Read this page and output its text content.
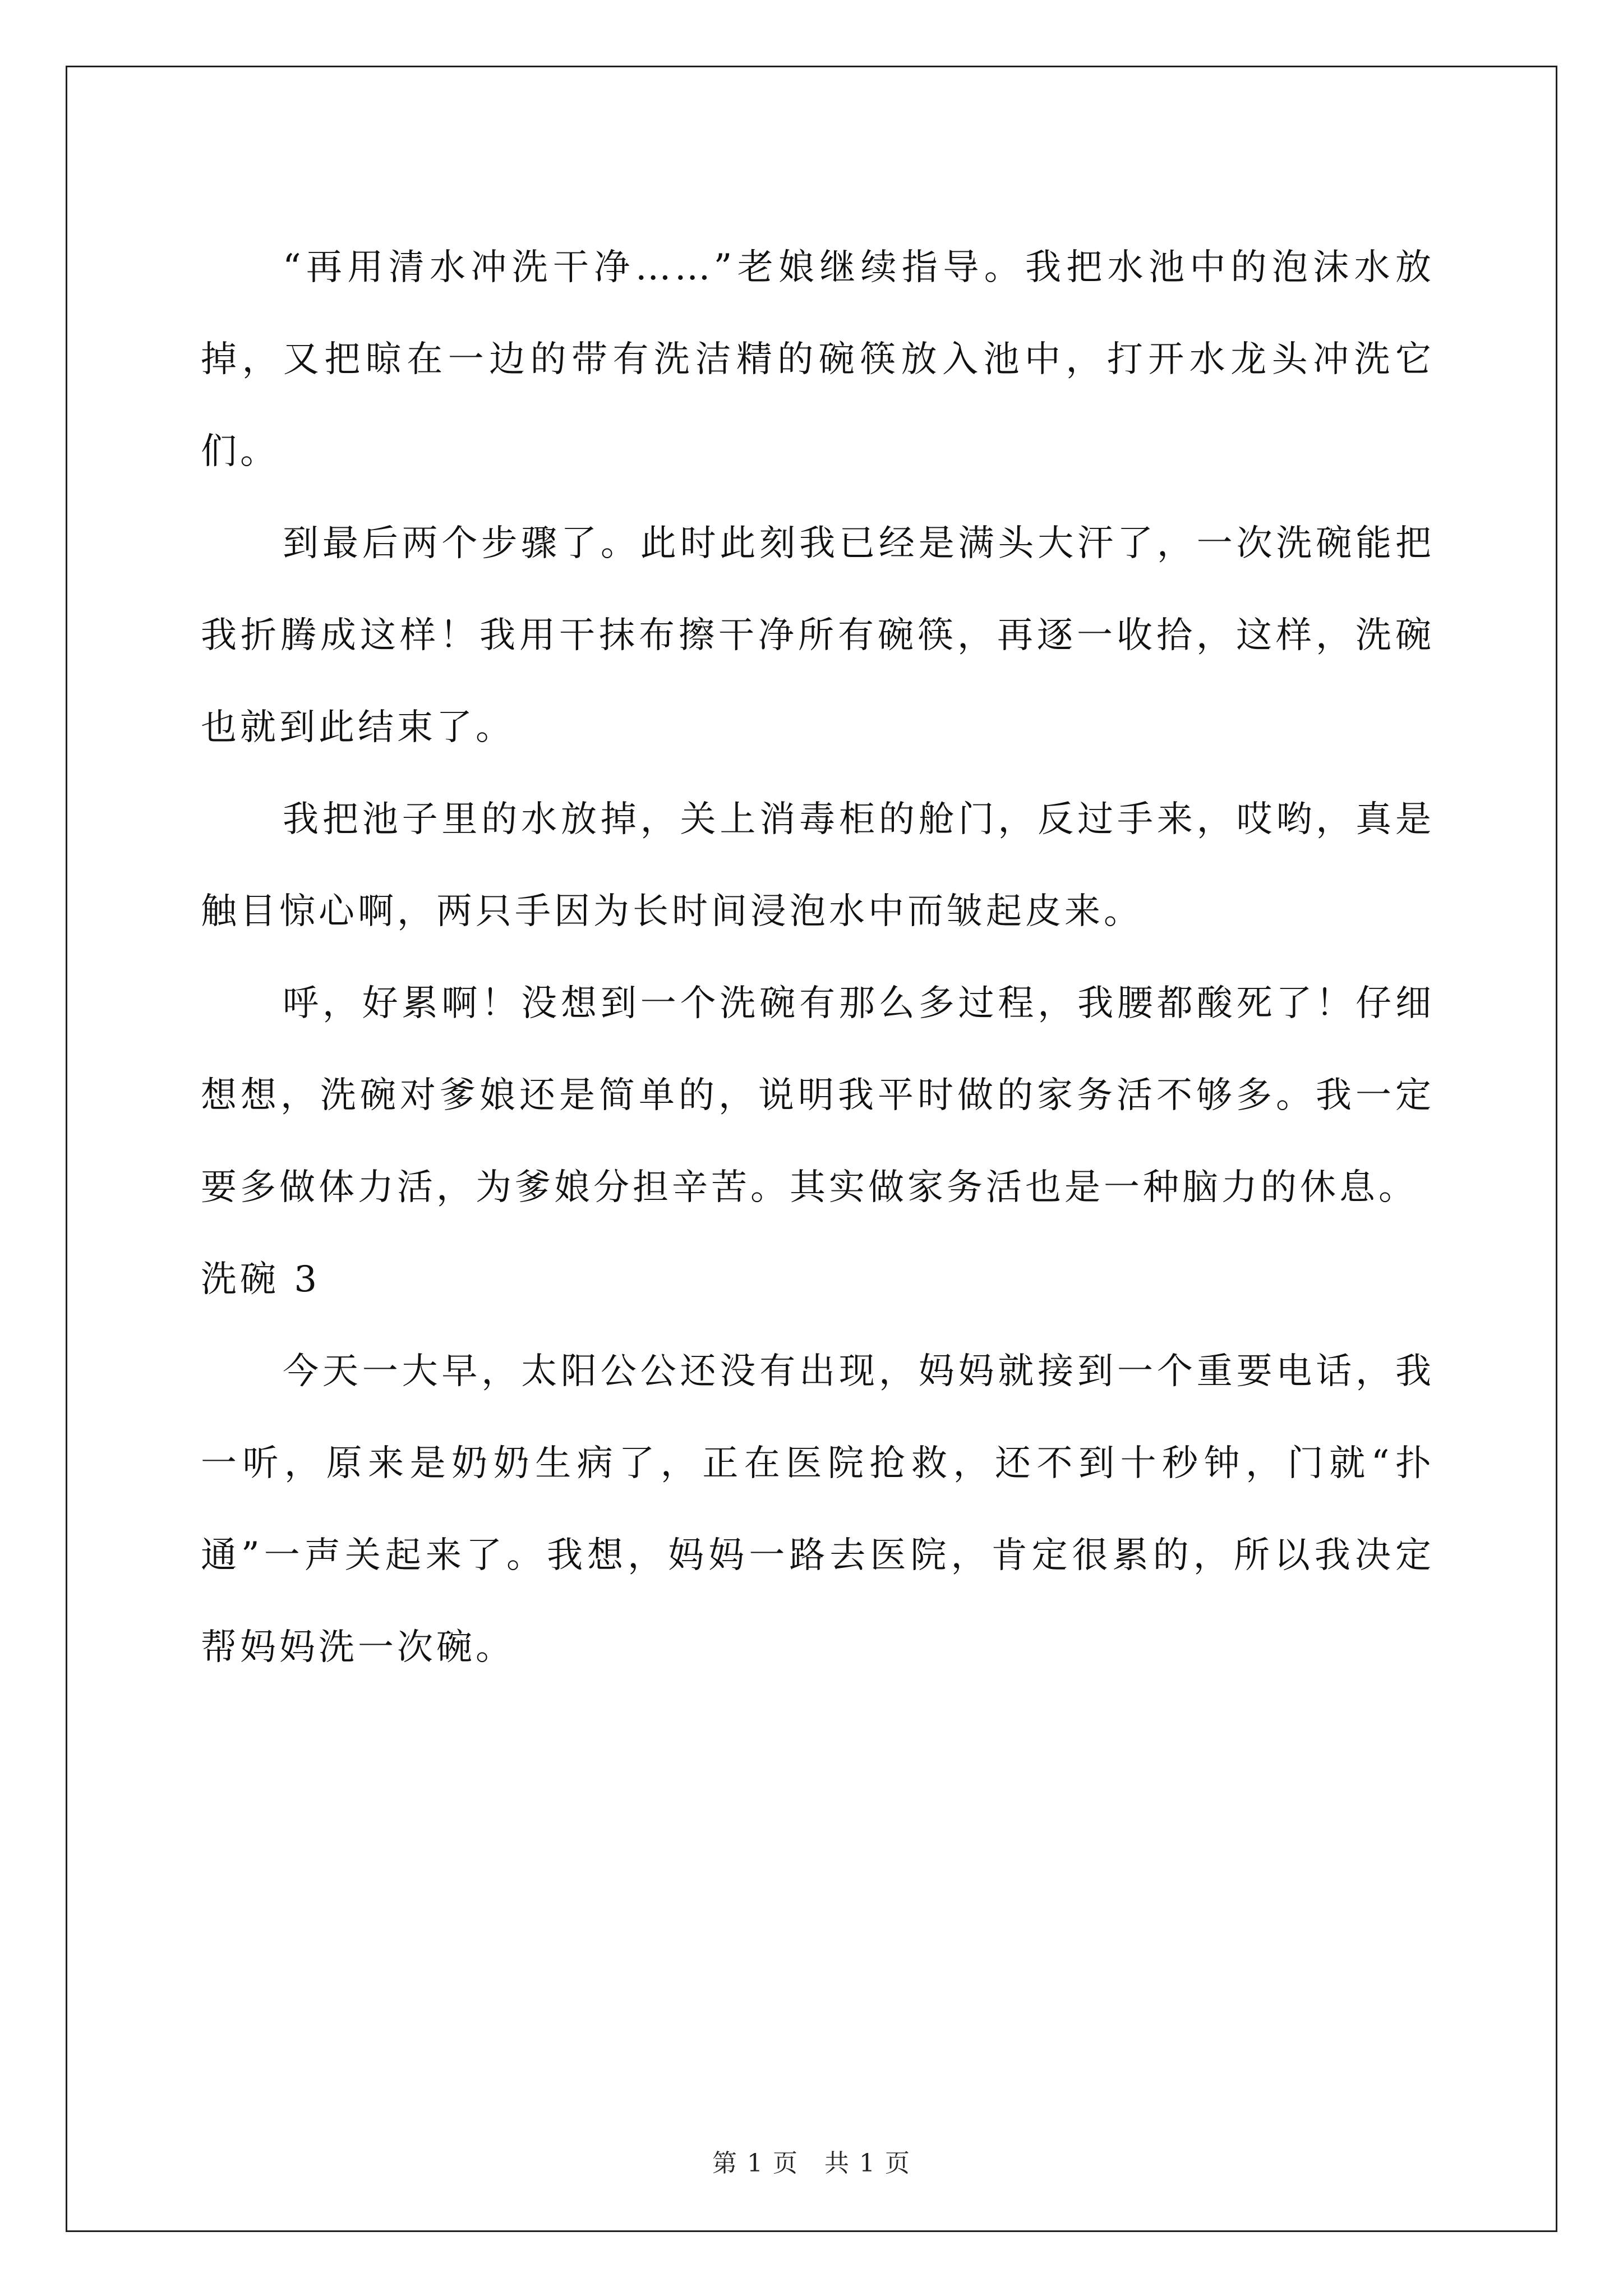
“再用清水冲洗干净……”老娘继续指导。我把水池中的泡沫水放掉，又把晾在一边的带有洗洁精的碗筷放入池中，打开水龙头冲洗它们。

到最后两个步骤了。此时此刻我已经是满头大汗了，一次洗碗能把我折腾成这样！我用干抹布擦干净所有碗筷，再逐一收拾，这样，洗碗也就到此结束了。

我把池子里的水放掉，关上消毒柜的舱门，反过手来，哎哟，真是触目惊心啊，两只手因为长时间浸泡水中而皱起皮来。

呼，好累啊！没想到一个洗碗有那么多过程，我腰都酸死了！仔细想想，洗碗对爹娘还是简单的，说明我平时做的家务活不够多。我一定要多做体力活，为爹娘分担辛苦。其实做家务活也是一种脑力的休息。

洗碗 3

今天一大早，太阳公公还没有出现，妈妈就接到一个重要电话，我一听，原来是奶奶生病了，正在医院抢救，还不到十秒钟，门就“扑通”一声关起来了。我想，妈妈一路去医院，肯定很累的，所以我决定帮妈妈洗一次碗。

第 1 页　共 1 页
